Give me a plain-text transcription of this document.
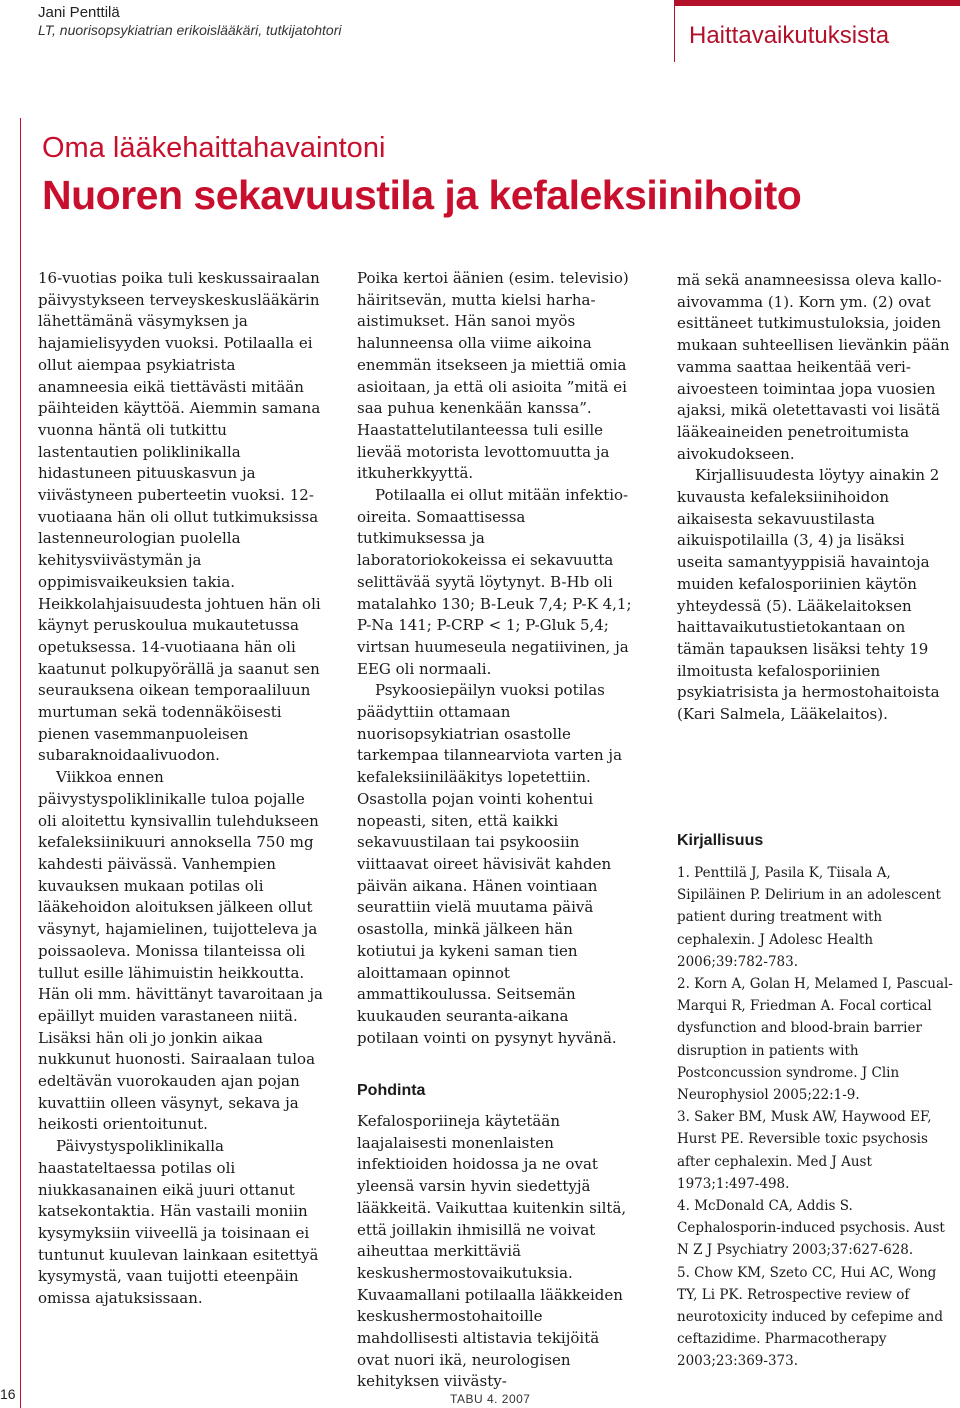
Jani Penttilä
LT, nuorisopsykiatrian erikoislääkäri, tutkijatohtori	Haittavaikutuksista
Oma lääkehaittahavaintoni
Nuoren sekavuustila ja kefaleksiinihoito

16-vuotias poika tuli keskussairaalan päivystykseen terveyskeskuslääkärin lähettämänä väsymyksen ja hajamielisyyden vuoksi. Potilaalla ei ollut aiempaa psykiatrista anamneesia eikä tiettävästi mitään päihteiden käyttöä. Aiemmin samana vuonna häntä oli tutkittu lastentautien poliklinikalla hidastuneen pituuskasvun ja viivästyneen puberteetin vuoksi. 12-vuotiaana hän oli ollut tutkimuksissa lastenneurologian puolella kehitysviivästymän ja oppimisvaikeuksien takia. Heikkolahjaisuudesta johtuen hän oli käynyt peruskoulua mukautetussa opetuksessa. 14-vuotiaana hän oli kaatunut polkupyörällä ja saanut sen seurauksena oikean temporaaliluun murtuman sekä todennäköisesti pienen vasemmanpuoleisen subaraknoidaalivuodon.

Viikkoa ennen päivystyspoliklinikalle tuloa pojalle oli aloitettu kynsivallin tulehdukseen kefaleksiinikuuri annoksella 750 mg kahdesti päivässä. Vanhempien kuvauksen mukaan potilas oli lääkehoidon aloituksen jälkeen ollut väsynyt, hajamielinen, tuijotteleva ja poissaoleva. Monissa tilanteissa oli tullut esille lähimuistin heikkoutta. Hän oli mm. hävittänyt tavaroitaan ja epäillyt muiden varastaneen niitä. Lisäksi hän oli jo jonkin aikaa nukkunut huonosti. Sairaalaan tuloa edeltävän vuorokauden ajan pojan kuvattiin olleen väsynyt, sekava ja heikosti orientoitunut.

Päivystyspoliklinikalla haastateltaessa potilas oli niukkasanainen eikä juuri ottanut katsekontaktia. Hän vastaili moniin kysymyksiin viiveellä ja toisinaan ei tuntunut kuulevan lainkaan esitettyä kysymystä, vaan tuijotti eteenpäin omissa ajatuksissaan.

Poika kertoi äänien (esim. televisio) häiritsevän, mutta kielsi harha-aistimukset. Hän sanoi myös halunneensa olla viime aikoina enemmän itsekseen ja miettiä omia asioitaan, ja että oli asioita ”mitä ei saa puhua kenenkään kanssa”. Haastattelutilanteessa tuli esille lievää motorista levottomuutta ja itkuherkkyyttä.

Potilaalla ei ollut mitään infektio-oireita. Somaattisessa tutkimuksessa ja laboratoriokokeissa ei sekavuutta selittävää syytä löytynyt. B-Hb oli matalahko 130; B-Leuk 7,4; P-K 4,1; P-Na 141; P-CRP < 1; P-Gluk 5,4; virtsan huumeseula negatiivinen, ja EEG oli normaali.

Psykoosiepäilyn vuoksi potilas päädyttiin ottamaan nuorisopsykiatrian osastolle tarkempaa tilannearviota varten ja kefaleksiinilääkitys lopetettiin. Osastolla pojan vointi kohentui nopeasti, siten, että kaikki sekavuustilaan tai psykoosiin viittaavat oireet hävisivät kahden päivän aikana. Hänen vointiaan seurattiin vielä muutama päivä osastolla, minkä jälkeen hän kotiutui ja kykeni saman tien aloittamaan opinnot ammattikoulussa. Seitsemän kuukauden seuranta-aikana potilaan vointi on pysynyt hyvänä.

Pohdinta

Kefalosporiineja käytetään laajalaisesti monenlaisten infektioiden hoidossa ja ne ovat yleensä varsin hyvin siedettyjä lääkkeitä. Vaikuttaa kuitenkin siltä, että joillakin ihmisillä ne voivat aiheuttaa merkittäviä keskushermostovaikutuksia. Kuvaamallani potilaalla lääkkeiden keskushermostohaitoille mahdollisesti altistavia tekijöitä ovat nuori ikä, neurologisen kehityksen viivästy-

mä sekä anamneesissa oleva kallo-aivovamma (1). Korn ym. (2) ovat esittäneet tutkimustuloksia, joiden mukaan suhteellisen lievänkin pään vamma saattaa heikentää veri-aivoesteen toimintaa jopa vuosien ajaksi, mikä oletettavasti voi lisätä lääkeaineiden penetroitumista aivokudokseen.

Kirjallisuudesta löytyy ainakin 2 kuvausta kefaleksiinihoidon aikaisesta sekavuustilasta aikuispotilailla (3, 4) ja lisäksi useita samantyyppisiä havaintoja muiden kefalosporiinien käytön yhteydessä (5). Lääkelaitoksen haittavaikutustietokantaan on tämän tapauksen lisäksi tehty 19 ilmoitusta kefalosporiinien psykiatrisista ja hermostohaitoista (Kari Salmela, Lääkelaitos).

Kirjallisuus

1. Penttilä J, Pasila K, Tiisala A, Sipiläinen P. Delirium in an adolescent patient during treatment with cephalexin. J Adolesc Health 2006;39:782-783.

2. Korn A, Golan H, Melamed I, Pascual-Marqui R, Friedman A. Focal cortical dysfunction and blood-brain barrier disruption in patients with Postconcussion syndrome. J Clin Neurophysiol 2005;22:1-9.

3. Saker BM, Musk AW, Haywood EF, Hurst PE. Reversible toxic psychosis after cephalexin. Med J Aust 1973;1:497-498.

4. McDonald CA, Addis S. Cephalosporin-induced psychosis. Aust N Z J Psychiatry 2003;37:627-628.

5. Chow KM, Szeto CC, Hui AC, Wong TY, Li PK. Retrospective review of neurotoxicity induced by cefepime and ceftazidime. Pharmacotherapy 2003;23:369-373.

16	TABU 4. 2007
